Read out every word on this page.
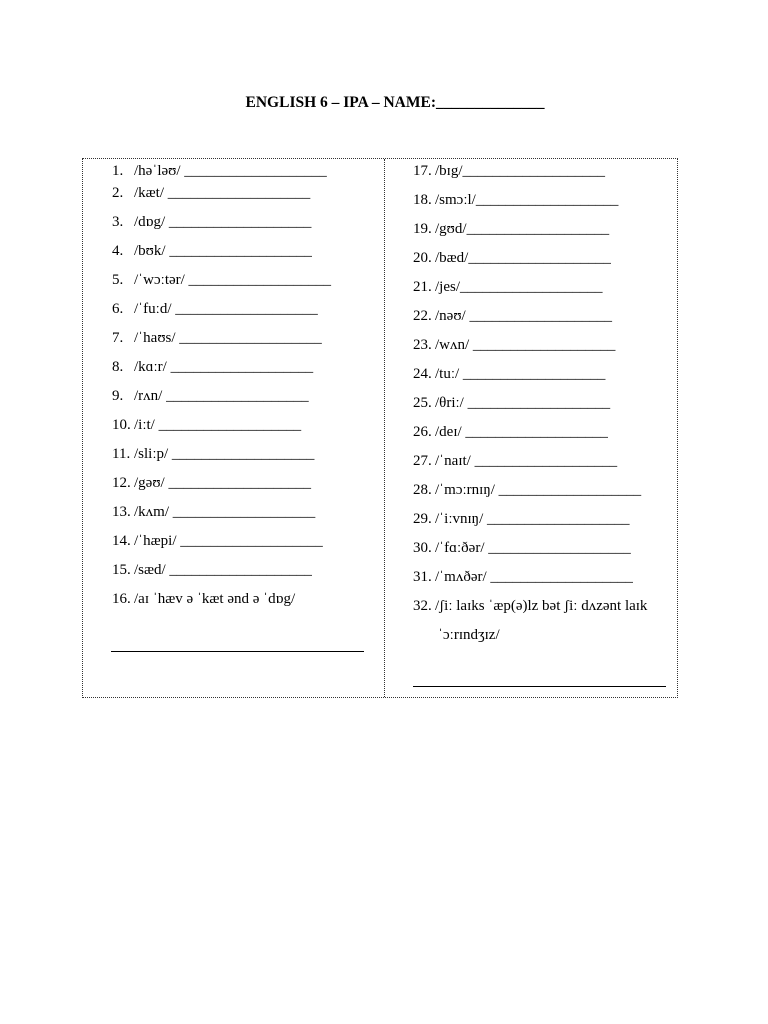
ENGLISH 6 – IPA – NAME:______________
1. /həˈləʊ/ ___________________
2. /kæt/ ___________________
3. /dɒg/ ___________________
4. /bʊk/ ___________________
5. /ˈwɔːtər/ ___________________
6. /ˈfuːd/ ___________________
7. /ˈhaʊs/ ___________________
8. /kɑːr/ ___________________
9. /rʌn/ ___________________
10. /iːt/ ___________________
11. /sliːp/ ___________________
12. /gəʊ/ ___________________
13. /kʌm/ ___________________
14. /ˈhæpi/ ___________________
15. /sæd/ ___________________
16. /aɪ ˈhæv ə ˈkæt ənd ə ˈdɒg/
17. /bɪg/___________________
18. /smɔːl/___________________
19. /gʊd/___________________
20. /bæd/___________________
21. /jes/___________________
22. /nəʊ/ ___________________
23. /wʌn/ ___________________
24. /tuː/ ___________________
25. /θriː/ ___________________
26. /deɪ/ ___________________
27. /ˈnaɪt/ ___________________
28. /ˈmɔːrnɪŋ/ ___________________
29. /ˈiːvnɪŋ/ ___________________
30. /ˈfɑːðər/ ___________________
31. /ˈmʌðər/ ___________________
32. /ʃiː laɪks ˈæp(ə)lz bət ʃiː dʌzənt laɪk
ˈɔːrɪndʒɪz/
